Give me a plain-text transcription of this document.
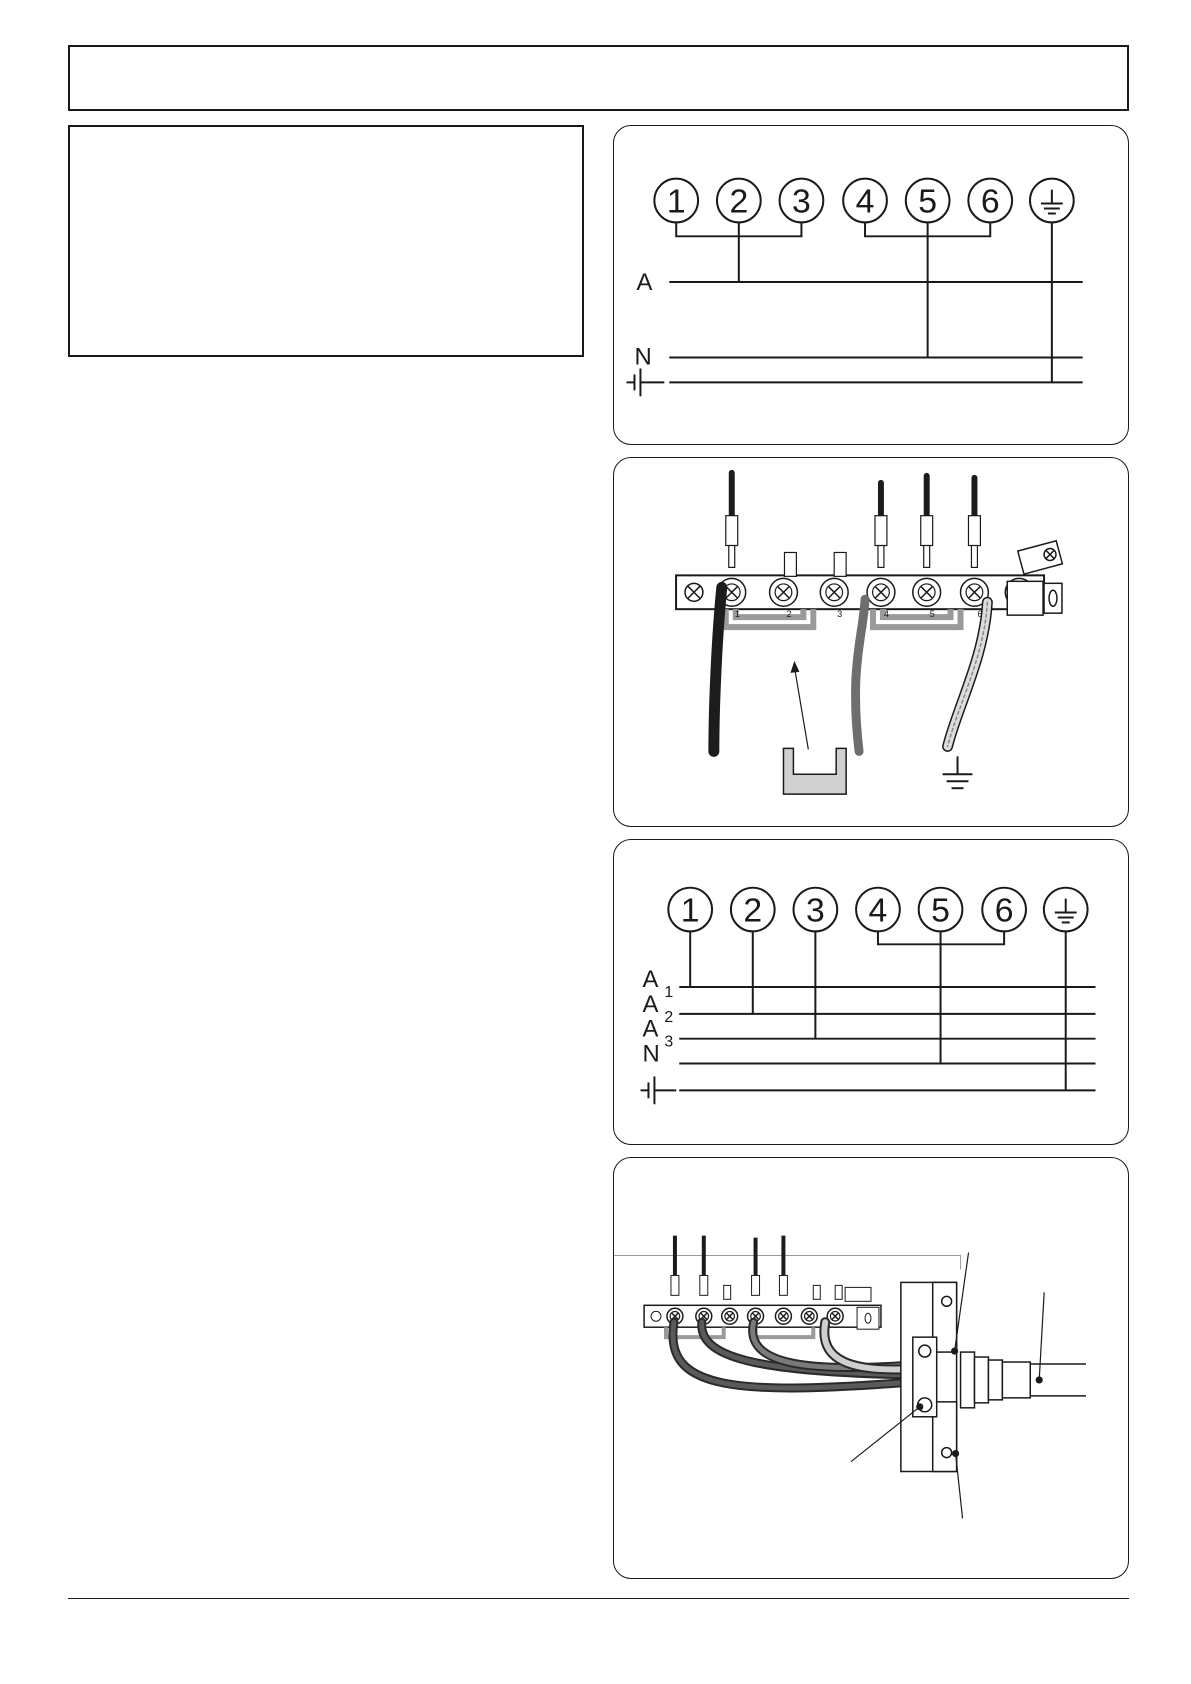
1 2 3 4 5 6
A
N
1	2	3	4	5	6
1 2 3 4 5 6
A 1
A 2
A 3
N
